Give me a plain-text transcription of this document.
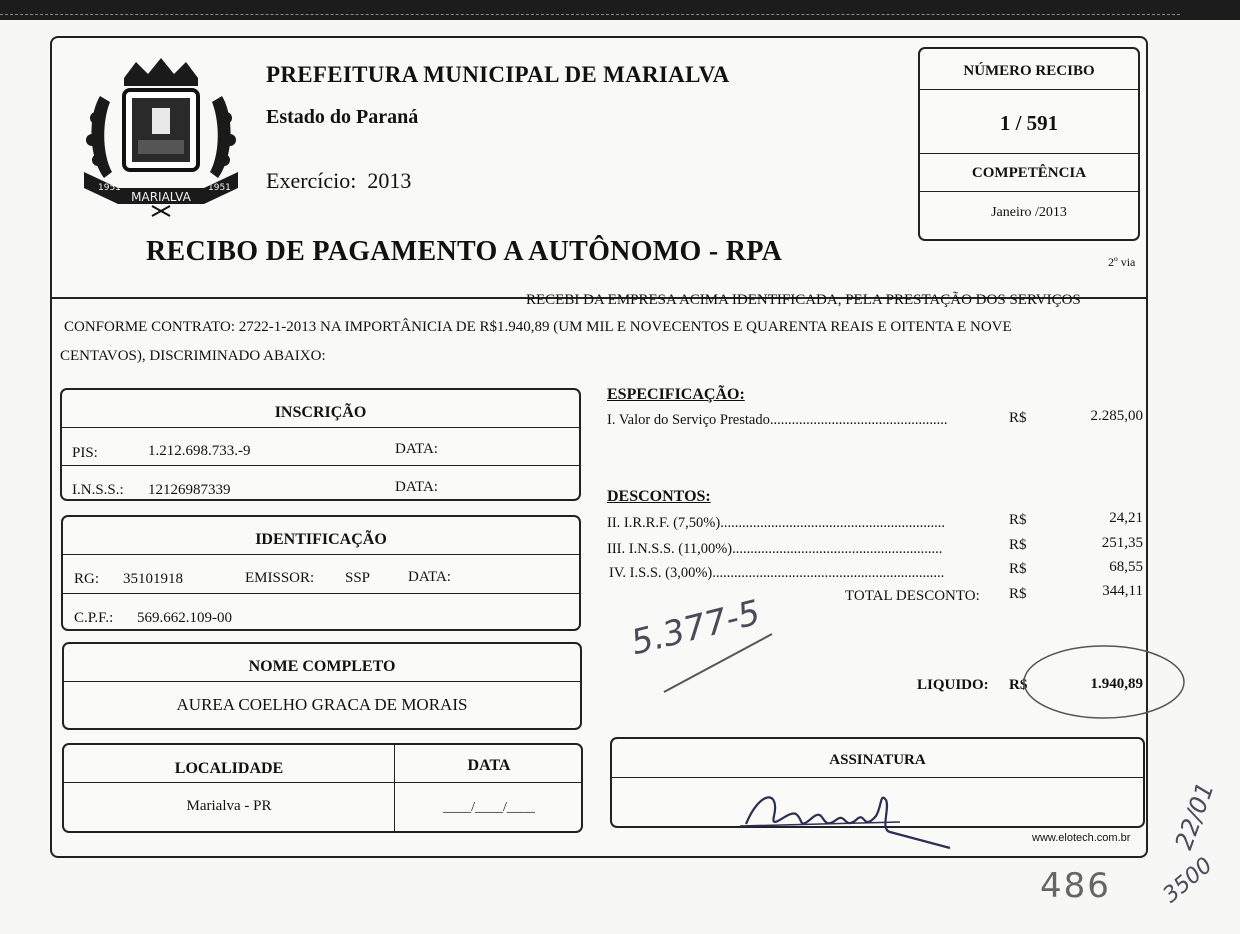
MARIALVA
1951	1951
PREFEITURA MUNICIPAL DE MARIALVA
Estado do Paraná
Exercício: 2013
RECIBO DE PAGAMENTO A AUTÔNOMO - RPA	2º via
NÚMERO RECIBO
1 / 591
COMPETÊNCIA
Janeiro /2013
RECEBI DA EMPRESA ACIMA IDENTIFICADA, PELA PRESTAÇÃO DOS SERVIÇOS
CONFORME CONTRATO: 2722-1-2013 NA IMPORTÂNICIA DE R$1.940,89 (UM MIL E NOVECENTOS E QUARENTA REAIS E OITENTA E NOVE
CENTAVOS), DISCRIMINADO ABAIXO:
INSCRIÇÃO
PIS:	1.212.698.733.-9	DATA:
I.N.S.S.: 12126987339	DATA:
IDENTIFICAÇÃO
RG: 35101918	EMISSOR: SSP	DATA:
C.P.F.: 569.662.109-00
NOME COMPLETO
AUREA COELHO GRACA DE MORAIS
LOCALIDADE	DATA
Marialva - PR	____/____/____
ESPECIFICAÇÃO:
I. Valor do Serviço Prestado.................................................	R$	2.285,00
DESCONTOS:
II. I.R.R.F. (7,50%)..............................................................	R$	24,21
III. I.N.S.S. (11,00%)..........................................................	R$	251,35
IV. I.S.S. (3,00%)................................................................	R$	68,55
TOTAL DESCONTO: R$	344,11
LIQUIDO: R$	1.940,89
5.377-5
ASSINATURA
www.elotech.com.br 22/01
3500
486
